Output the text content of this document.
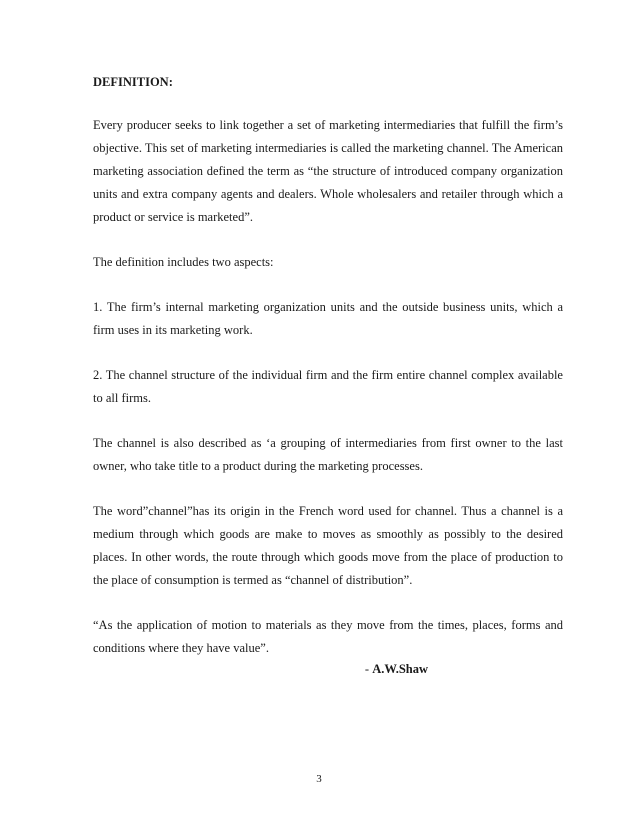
DEFINITION:

Every producer seeks to link together a set of marketing intermediaries that fulfill the firm’s objective. This set of marketing intermediaries is called the marketing channel. The American marketing association defined the term as “the structure of introduced company organization units and extra company agents and dealers. Whole wholesalers and retailer through which a product or service is marketed”.

The definition includes two aspects:

1. The firm’s internal marketing organization units and the outside business units, which a firm uses in its marketing work.

2. The channel structure of the individual firm and the firm entire channel complex available to all firms.

The channel is also described as ‘a grouping of intermediaries from first owner to the last owner, who take title to a product during the marketing processes.

The word”channel”has its origin in the French word used for channel. Thus a channel is a medium through which goods are make to moves as smoothly as possibly to the desired places. In other words, the route through which goods move from the place of production to the place of consumption is termed as “channel of distribution”.

“As the application of motion to materials as they move from the times, places, forms and conditions where they have value”.

- A.W.Shaw
3
